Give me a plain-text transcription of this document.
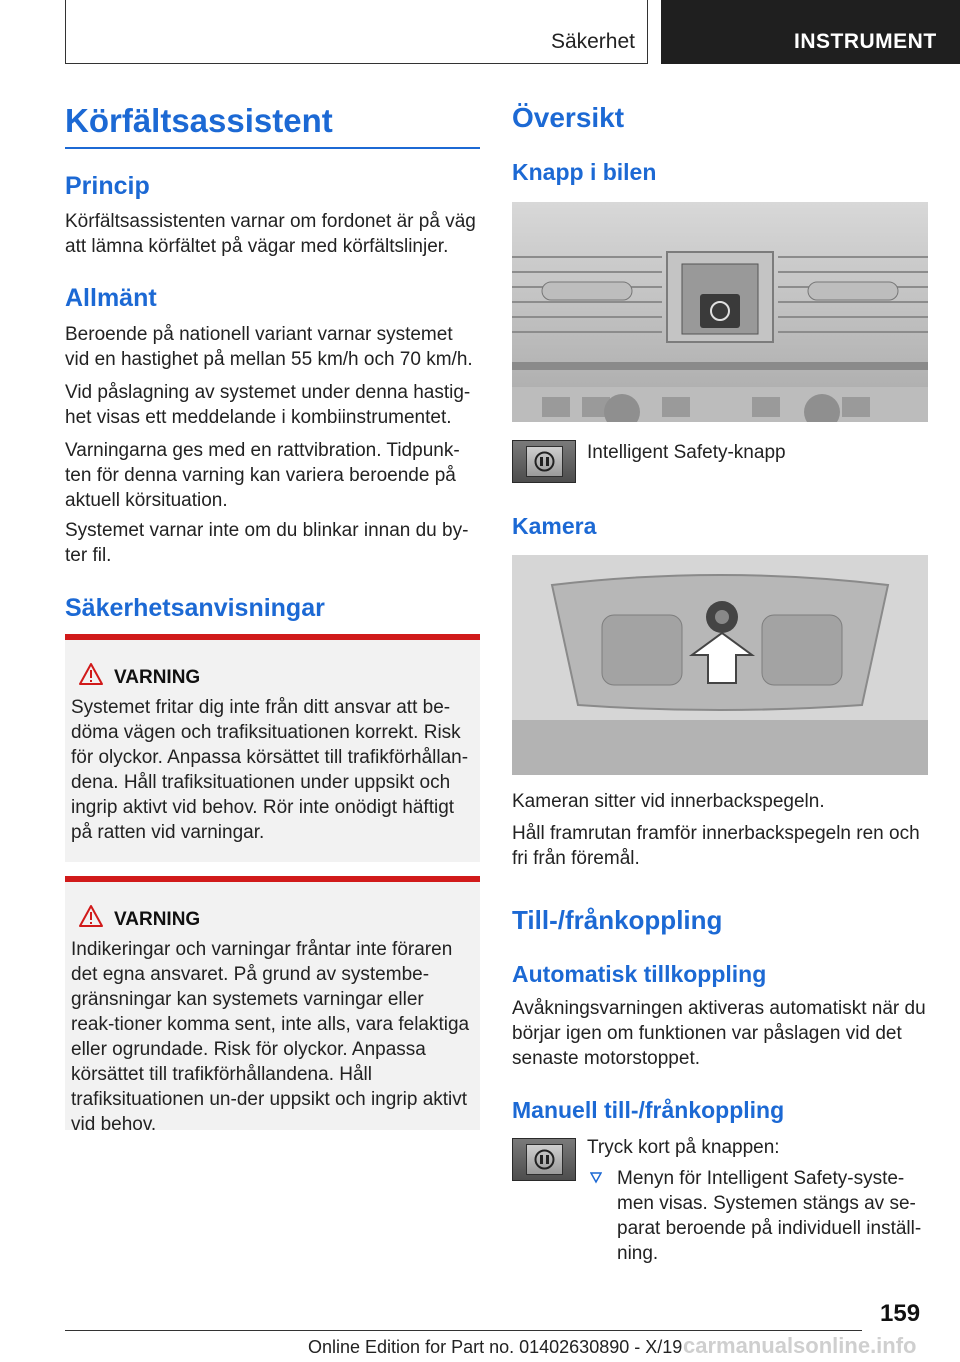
Säkerhet	INSTRUMENT
Körfältsassistent
Princip
Körfältsassistenten varnar om fordonet är på väg att lämna körfältet på vägar med körfältslinjer.
Allmänt
Beroende på nationell variant varnar systemet vid en hastighet på mellan 55 km/h och 70 km/h.
Vid påslagning av systemet under denna hastig‐het visas ett meddelande i kombiinstrumentet.
Varningarna ges med en rattvibration. Tidpunk‐ten för denna varning kan variera beroende på aktuell körsituation.
Systemet varnar inte om du blinkar innan du by‐ter fil.
Säkerhetsanvisningar
VARNING
Systemet fritar dig inte från ditt ansvar att be‐döma vägen och trafiksituationen korrekt. Risk för olyckor. Anpassa körsättet till trafikförhållan‐dena. Håll trafiksituationen under uppsikt och ingrip aktivt vid behov. Rör inte onödigt häftigt på ratten vid varningar.
VARNING
Indikeringar och varningar fråntar inte föraren det egna ansvaret. På grund av systembe‐gränsningar kan systemets varningar eller reak‐tioner komma sent, inte alls, vara felaktiga eller ogrundade. Risk för olyckor. Anpassa körsättet till trafikförhållandena. Håll trafiksituationen un‐der uppsikt och ingrip aktivt vid behov.
Översikt
Knapp i bilen
Intelligent Safety-knapp
Kamera
Kameran sitter vid innerbackspegeln.
Håll framrutan framför innerbackspegeln ren och fri från föremål.
Till-/frånkoppling
Automatisk tillkoppling
Avåkningsvarningen aktiveras automatiskt när du börjar igen om funktionen var påslagen vid det senaste motorstoppet.
Manuell till-/frånkoppling
Tryck kort på knappen:
Menyn för Intelligent Safety-syste‐men visas. Systemen stängs av se‐parat beroende på individuell inställ‐ning.
159
Online Edition for Part no. 01402630890 - X/19 carmanualsonline.info
